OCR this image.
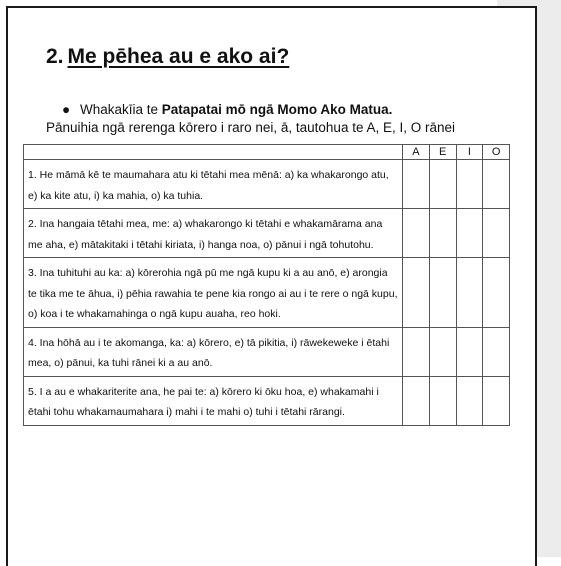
2. Me pēhea au e ako ai?
● Whakakīia te Patapatai mō ngā Momo Ako Matua.
Pānuihia ngā rerenga kōrero i raro nei, ā, tautohua te A, E, I, O rānei
	A	E	I	O
1. He māmā kē te maumahara atu ki tētahi mea mēnā: a) ka whakarongo atu, e) ka kite atu, i) ka mahia, o) ka tuhia.				
2. Ina hangaia tētahi mea, me: a) whakarongo ki tētahi e whakamārama ana me aha, e) mātakitaki i tētahi kiriata, i) hanga noa, o) pānui i ngā tohutohu.				
3. Ina tuhituhi au ka: a) kōrerohia ngā pū me ngā kupu ki a au anō, e) arongia te tika me te āhua, i) pēhia rawahia te pene kia rongo ai au i te rere o ngā kupu, o) koa i te whakamahinga o ngā kupu auaha, reo hoki.				
4. Ina hōhā au i te akomanga, ka: a) kōrero, e) tā pikitia, i) rāwekeweke i ētahi mea, o) pānui, ka tuhi rānei ki a au anō.				
5. I a au e whakariterite ana, he pai te: a) kōrero ki ōku hoa, e) whakamahi i ētahi tohu whakamaumahara i) mahi i te mahi o) tuhi i tētahi rārangi.				
